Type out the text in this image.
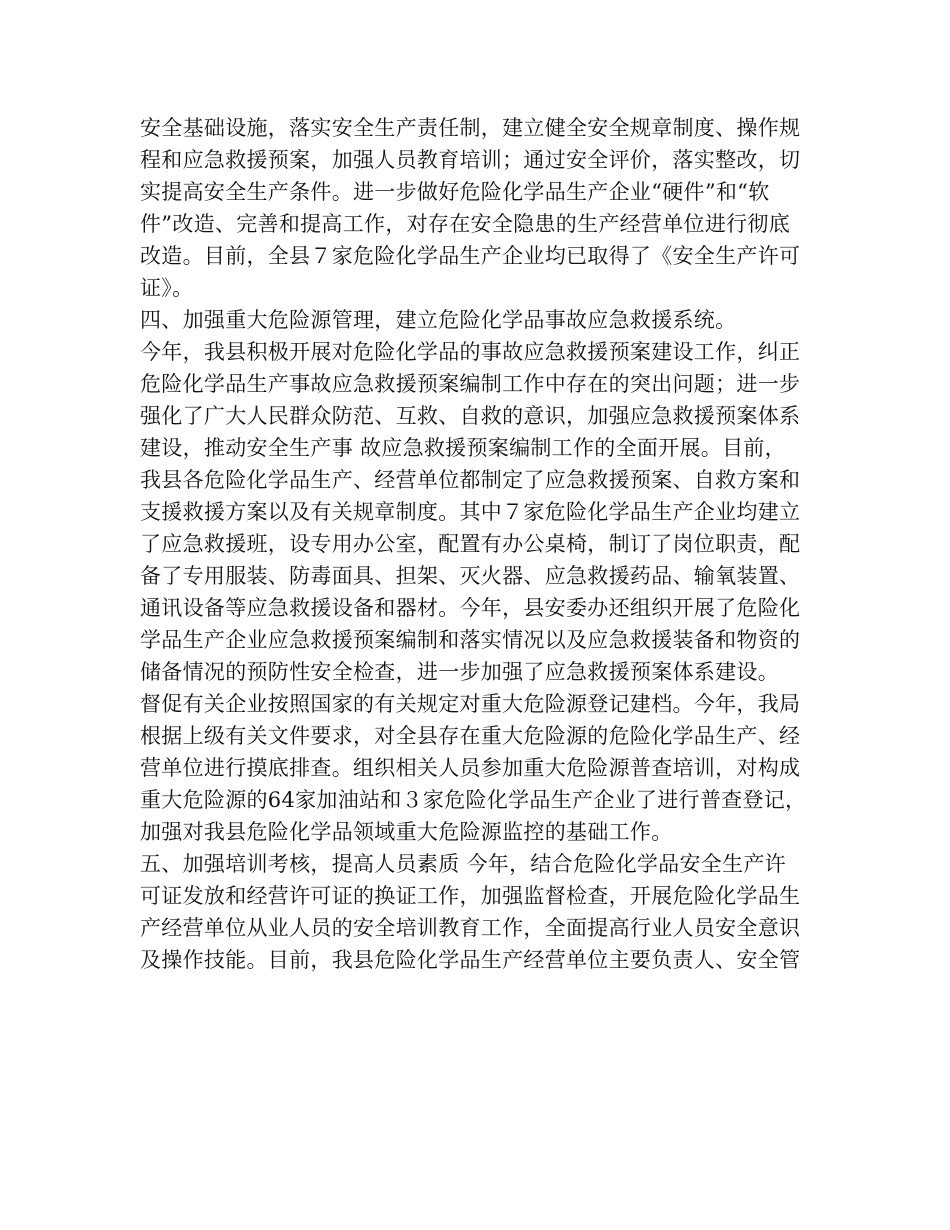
安全基础设施，落实安全生产责任制，建立健全安全规章制度、操作规
程和应急救援预案，加强人员教育培训；通过安全评价，落实整改，切
实提高安全生产条件。进一步做好危险化学品生产企业“硬件”和“软
件”改造、完善和提高工作，对存在安全隐患的生产经营单位进行彻底
改造。目前，全县７家危险化学品生产企业均已取得了《安全生产许可
证》。
四、加强重大危险源管理，建立危险化学品事故应急救援系统。
今年，我县积极开展对危险化学品的事故应急救援预案建设工作，纠正
危险化学品生产事故应急救援预案编制工作中存在的突出问题；进一步
强化了广大人民群众防范、互救、自救的意识，加强应急救援预案体系
建设，推动安全生产事 故应急救援预案编制工作的全面开展。目前，
我县各危险化学品生产、经营单位都制定了应急救援预案、自救方案和
支援救援方案以及有关规章制度。其中７家危险化学品生产企业均建立
了应急救援班，设专用办公室，配置有办公桌椅，制订了岗位职责，配
备了专用服装、防毒面具、担架、灭火器、应急救援药品、输氧装置、
通讯设备等应急救援设备和器材。今年，县安委办还组织开展了危险化
学品生产企业应急救援预案编制和落实情况以及应急救援装备和物资的
储备情况的预防性安全检查，进一步加强了应急救援预案体系建设。
督促有关企业按照国家的有关规定对重大危险源登记建档。今年，我局
根据上级有关文件要求，对全县存在重大危险源的危险化学品生产、经
营单位进行摸底排查。组织相关人员参加重大危险源普查培训，对构成
重大危险源的64家加油站和３家危险化学品生产企业了进行普查登记，
加强对我县危险化学品领域重大危险源监控的基础工作。
五、加强培训考核，提高人员素质 今年，结合危险化学品安全生产许
可证发放和经营许可证的换证工作，加强监督检查，开展危险化学品生
产经营单位从业人员的安全培训教育工作，全面提高行业人员安全意识
及操作技能。目前，我县危险化学品生产经营单位主要负责人、安全管
